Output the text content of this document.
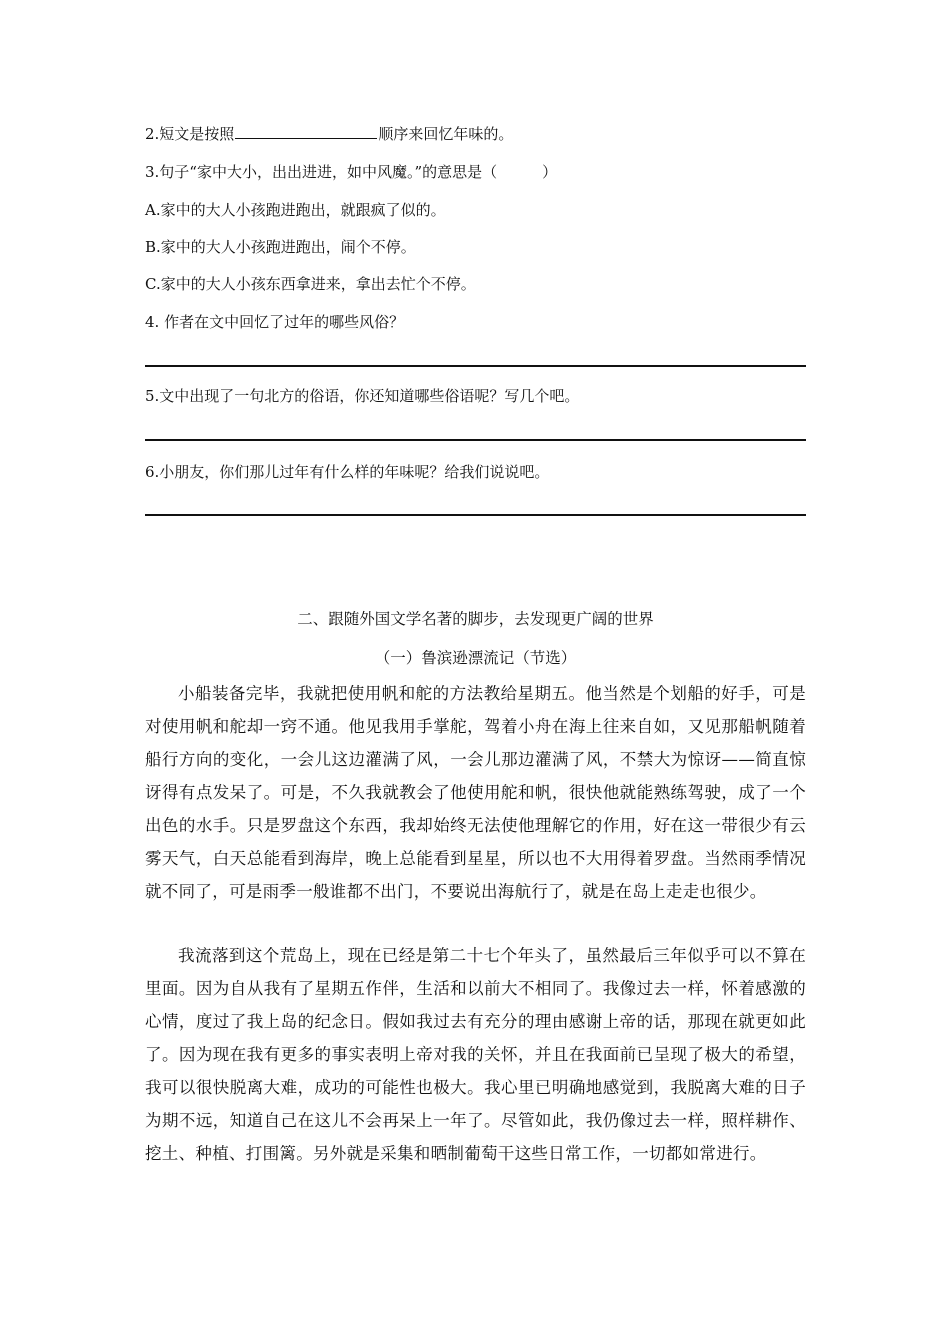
2.短文是按照	顺序来回忆年味的。
3.句子“家中大小，出出进进，如中风魔。”的意思是（　　　）
A.家中的大人小孩跑进跑出，就跟疯了似的。
B.家中的大人小孩跑进跑出，闹个不停。
C.家中的大人小孩东西拿进来，拿出去忙个不停。
4. 作者在文中回忆了过年的哪些风俗？
5.文中出现了一句北方的俗语，你还知道哪些俗语呢？写几个吧。
6.小朋友，你们那儿过年有什么样的年味呢？给我们说说吧。
二、跟随外国文学名著的脚步，去发现更广阔的世界
（一）鲁滨逊漂流记（节选）
小船装备完毕，我就把使用帆和舵的方法教给星期五。他当然是个划船的好手，可是对使用帆和舵却一窍不通。他见我用手掌舵，驾着小舟在海上往来自如，又见那船帆随着船行方向的变化，一会儿这边灌满了风，一会儿那边灌满了风，不禁大为惊讶——简直惊讶得有点发呆了。可是，不久我就教会了他使用舵和帆，很快他就能熟练驾驶，成了一个出色的水手。只是罗盘这个东西，我却始终无法使他理解它的作用，好在这一带很少有云雾天气，白天总能看到海岸，晚上总能看到星星，所以也不大用得着罗盘。当然雨季情况就不同了，可是雨季一般谁都不出门，不要说出海航行了，就是在岛上走走也很少。
我流落到这个荒岛上，现在已经是第二十七个年头了，虽然最后三年似乎可以不算在里面。因为自从我有了星期五作伴，生活和以前大不相同了。我像过去一样，怀着感激的心情，度过了我上岛的纪念日。假如我过去有充分的理由感谢上帝的话，那现在就更如此了。因为现在我有更多的事实表明上帝对我的关怀，并且在我面前已呈现了极大的希望，我可以很快脱离大难，成功的可能性也极大。我心里已明确地感觉到，我脱离大难的日子为期不远，知道自己在这儿不会再呆上一年了。尽管如此，我仍像过去一样，照样耕作、挖土、种植、打围篱。另外就是采集和晒制葡萄干这些日常工作，一切都如常进行。
